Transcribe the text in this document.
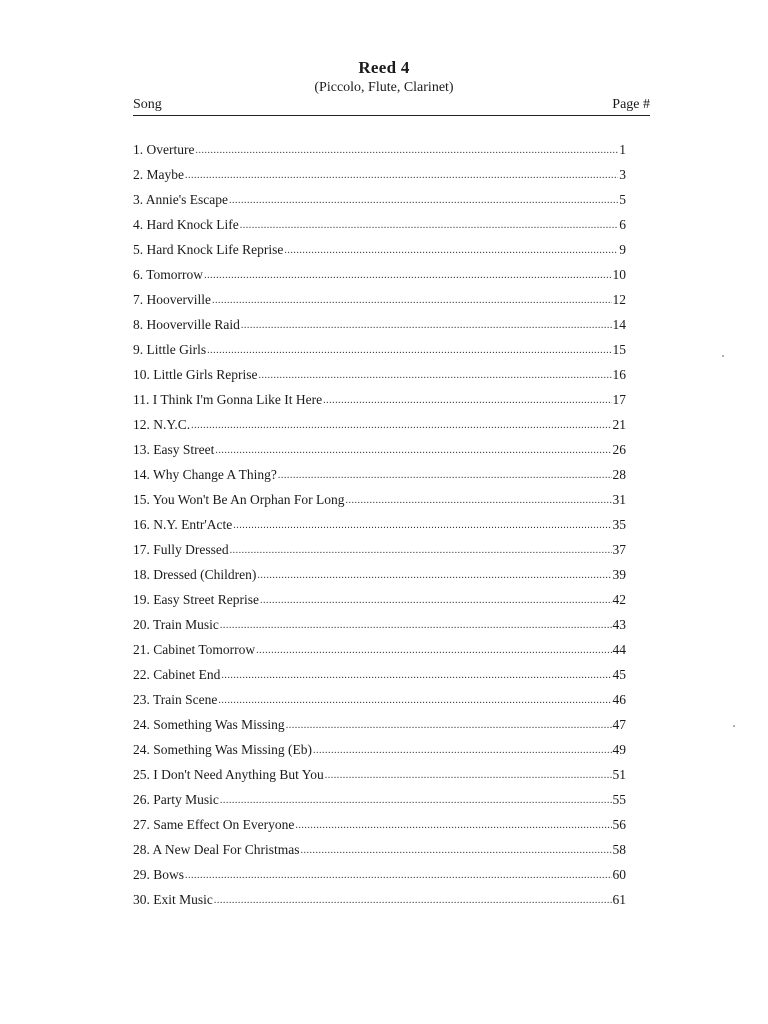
Reed 4
(Piccolo, Flute, Clarinet)
Song	Page #
1. Overture .....	1
2. Maybe .....	3
3. Annie's Escape .....	5
4. Hard Knock Life .....	6
5. Hard Knock Life Reprise .....	9
6. Tomorrow .....	10
7. Hooverville .....	12
8. Hooverville Raid .....	14
9. Little Girls .....	15
10. Little Girls Reprise .....	16
11. I Think I'm Gonna Like It Here .....	17
12. N.Y.C. .....	21
13. Easy Street .....	26
14. Why Change A Thing? .....	28
15. You Won't Be An Orphan For Long .....	31
16. N.Y. Entr'Acte .....	35
17. Fully Dressed .....	37
18. Dressed (Children) .....	39
19. Easy Street Reprise .....	42
20. Train Music .....	43
21. Cabinet Tomorrow .....	44
22. Cabinet End .....	45
23. Train Scene .....	46
24. Something Was Missing .....	47
24. Something Was Missing (Eb) .....	49
25. I Don't Need Anything But You .....	51
26. Party Music .....	55
27. Same Effect On Everyone .....	56
28. A New Deal For Christmas .....	58
29. Bows .....	60
30. Exit Music .....	61
